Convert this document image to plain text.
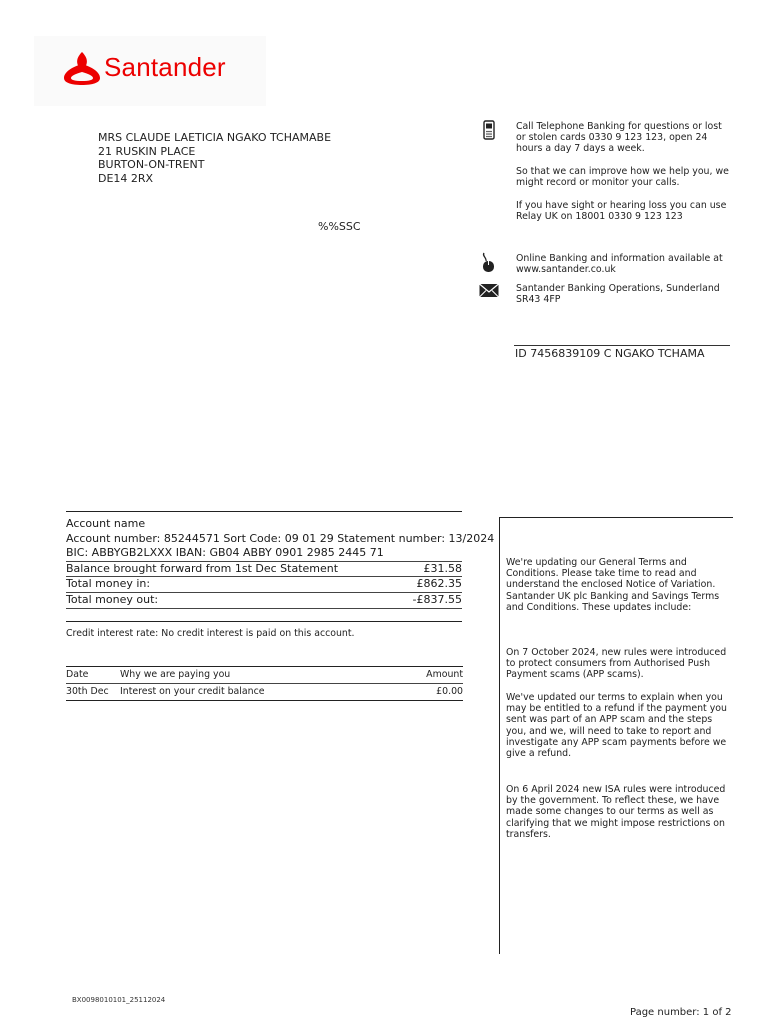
Santander
MRS CLAUDE LAETICIA NGAKO TCHAMABE
21 RUSKIN PLACE
BURTON-ON-TRENT
DE14 2RX
%%SSC
Call Telephone Banking for questions or lost or stolen cards 0330 9 123 123, open 24 hours a day 7 days a week.
So that we can improve how we help you, we might record or monitor your calls.
If you have sight or hearing loss you can use Relay UK on 18001 0330 9 123 123
Online Banking and information available at www.santander.co.uk
Santander Banking Operations, Sunderland SR43 4FP
ID 7456839109 C NGAKO TCHAMA
Account name
Account number: 85244571 Sort Code: 09 01 29 Statement number: 13/2024
BIC: ABBYGB2LXXX IBAN: GB04 ABBY 0901 2985 2445 71
Balance brought forward from 1st Dec Statement	£31.58
Total money in:	£862.35
Total money out:	-£837.55
Credit interest rate: No credit interest is paid on this account.
Date	Why we are paying you	Amount
30th Dec	Interest on your credit balance	£0.00
We're updating our General Terms and Conditions. Please take time to read and understand the enclosed Notice of Variation. Santander UK plc Banking and Savings Terms and Conditions. These updates include:
On 7 October 2024, new rules were introduced to protect consumers from Authorised Push Payment scams (APP scams).
We've updated our terms to explain when you may be entitled to a refund if the payment you sent was part of an APP scam and the steps you, and we, will need to take to report and investigate any APP scam payments before we give a refund.
On 6 April 2024 new ISA rules were introduced by the government. To reflect these, we have made some changes to our terms as well as clarifying that we might impose restrictions on transfers.
BX0098010101_25112024
Page number: 1 of 2
